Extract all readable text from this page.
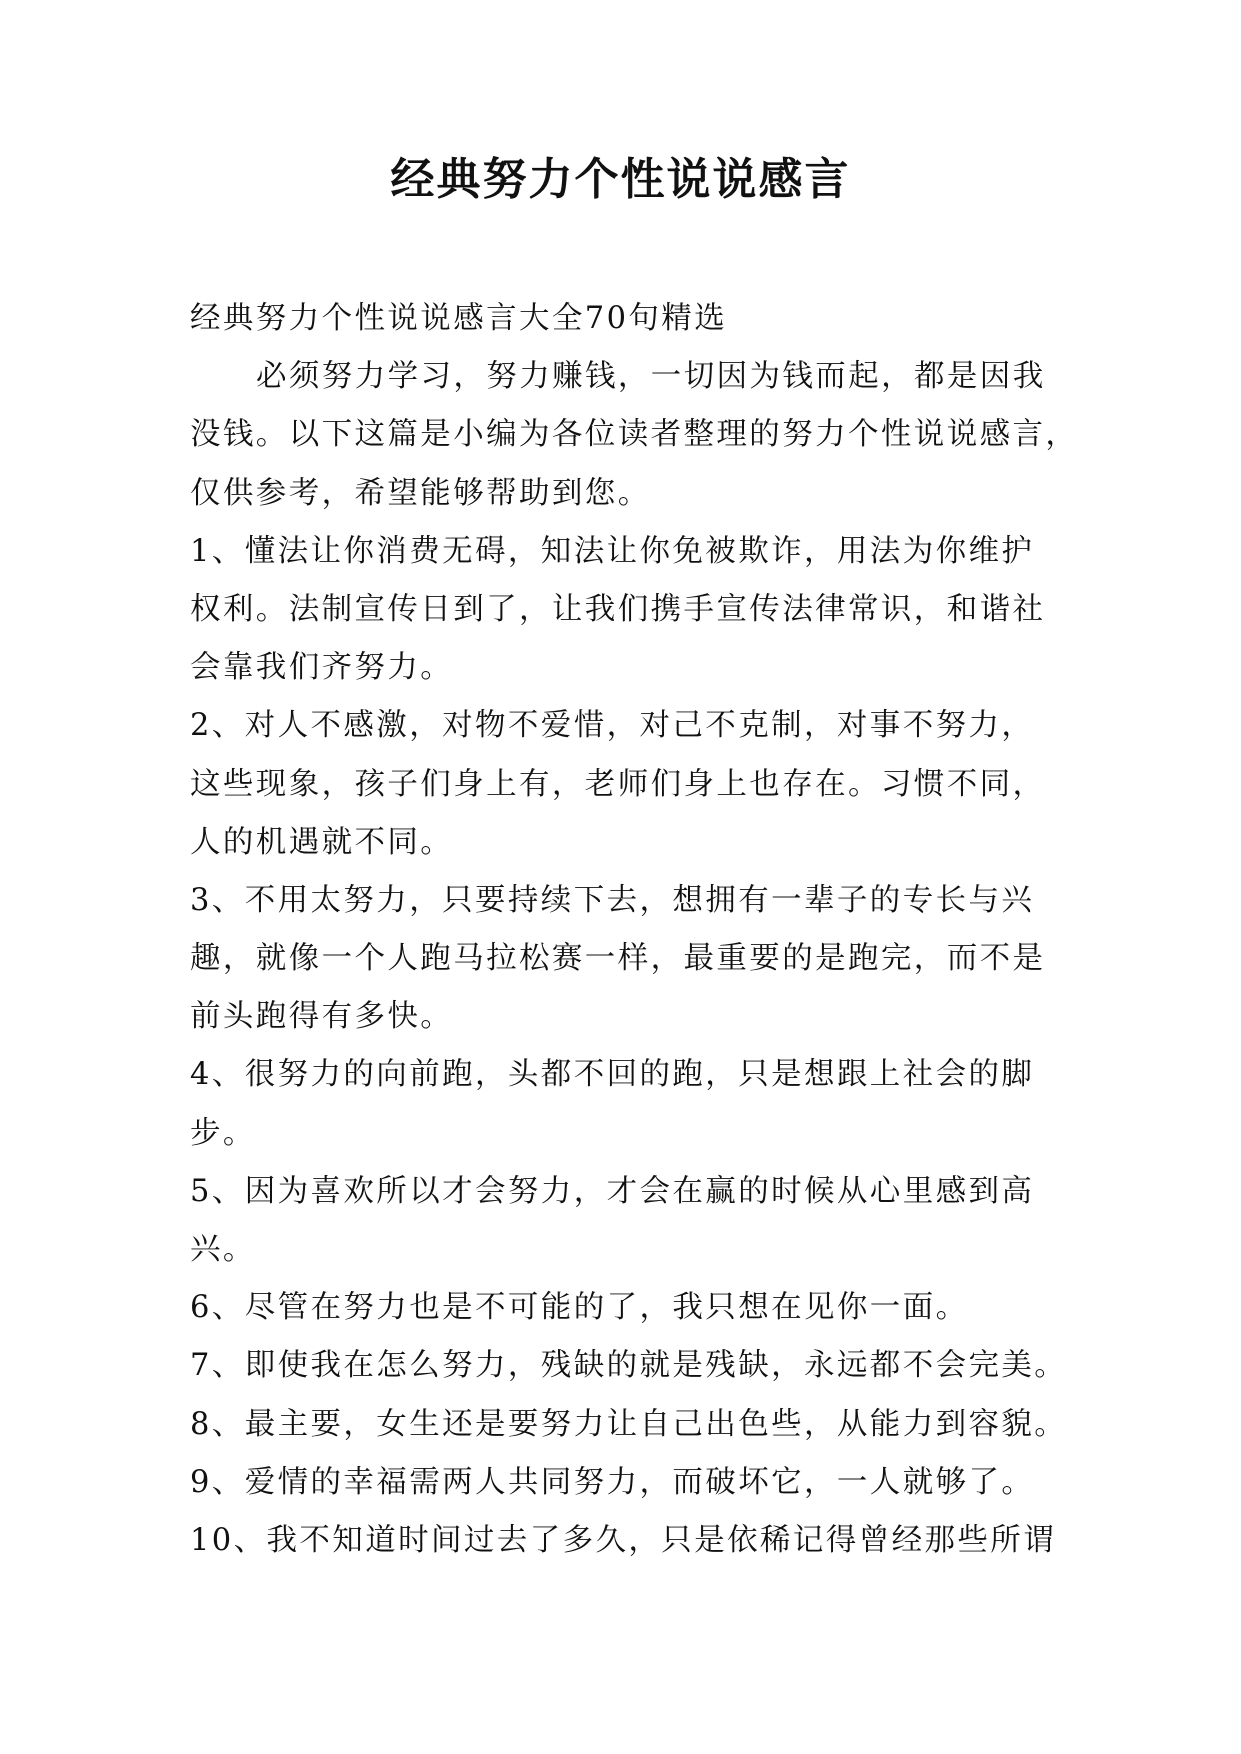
经典努力个性说说感言
经典努力个性说说感言大全70句精选
必须努力学习，努力赚钱，一切因为钱而起，都是因我
没钱。以下这篇是小编为各位读者整理的努力个性说说感言，
仅供参考，希望能够帮助到您。
1、懂法让你消费无碍，知法让你免被欺诈，用法为你维护
权利。法制宣传日到了，让我们携手宣传法律常识，和谐社
会靠我们齐努力。
2、对人不感激，对物不爱惜，对己不克制，对事不努力，
这些现象，孩子们身上有，老师们身上也存在。习惯不同，
人的机遇就不同。
3、不用太努力，只要持续下去，想拥有一辈子的专长与兴
趣，就像一个人跑马拉松赛一样，最重要的是跑完，而不是
前头跑得有多快。
4、很努力的向前跑，头都不回的跑，只是想跟上社会的脚
步。
5、因为喜欢所以才会努力，才会在赢的时候从心里感到高
兴。
6、尽管在努力也是不可能的了，我只想在见你一面。
7、即使我在怎么努力，残缺的就是残缺，永远都不会完美。
8、最主要，女生还是要努力让自己出色些，从能力到容貌。
9、爱情的幸福需两人共同努力，而破坏它，一人就够了。
10、我不知道时间过去了多久，只是依稀记得曾经那些所谓
